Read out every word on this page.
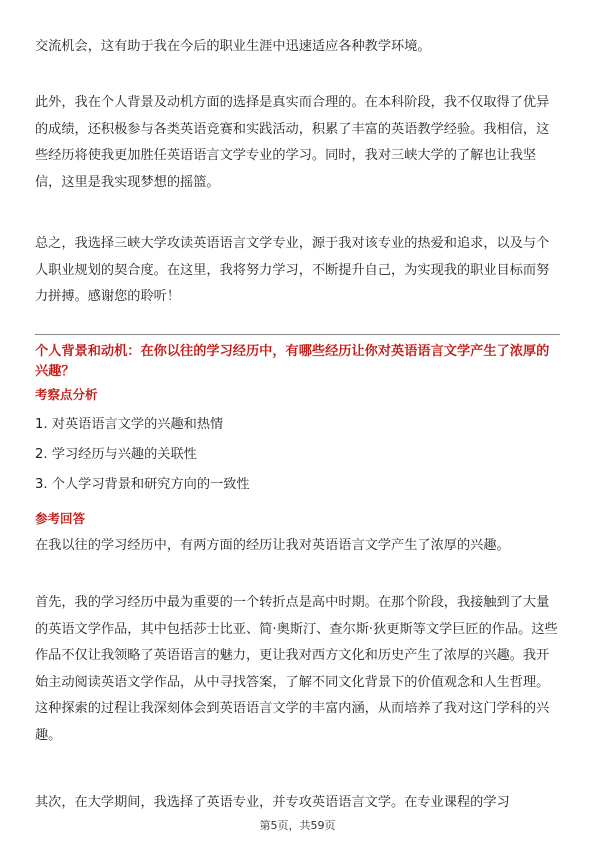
交流机会，这有助于我在今后的职业生涯中迅速适应各种教学环境。

此外，我在个人背景及动机方面的选择是真实而合理的。在本科阶段，我不仅取得了优异的成绩，还积极参与各类英语竞赛和实践活动，积累了丰富的英语教学经验。我相信，这些经历将使我更加胜任英语语言文学专业的学习。同时，我对三峡大学的了解也让我坚信，这里是我实现梦想的摇篮。

总之，我选择三峡大学攻读英语语言文学专业，源于我对该专业的热爱和追求，以及与个人职业规划的契合度。在这里，我将努力学习，不断提升自己，为实现我的职业目标而努力拼搏。感谢您的聆听！

个人背景和动机：在你以往的学习经历中，有哪些经历让你对英语语言文学产生了浓厚的兴趣？

考察点分析

1. 对英语语言文学的兴趣和热情

2. 学习经历与兴趣的关联性

3. 个人学习背景和研究方向的一致性

参考回答

在我以往的学习经历中，有两方面的经历让我对英语语言文学产生了浓厚的兴趣。

首先，我的学习经历中最为重要的一个转折点是高中时期。在那个阶段，我接触到了大量的英语文学作品，其中包括莎士比亚、简·奥斯汀、查尔斯·狄更斯等文学巨匠的作品。这些作品不仅让我领略了英语语言的魅力，更让我对西方文化和历史产生了浓厚的兴趣。我开始主动阅读英语文学作品，从中寻找答案，了解不同文化背景下的价值观念和人生哲理。这种探索的过程让我深刻体会到英语语言文学的丰富内涵，从而培养了我对这门学科的兴趣。

其次，在大学期间，我选择了英语专业，并专攻英语语言文学。在专业课程的学习

第5页，共59页
